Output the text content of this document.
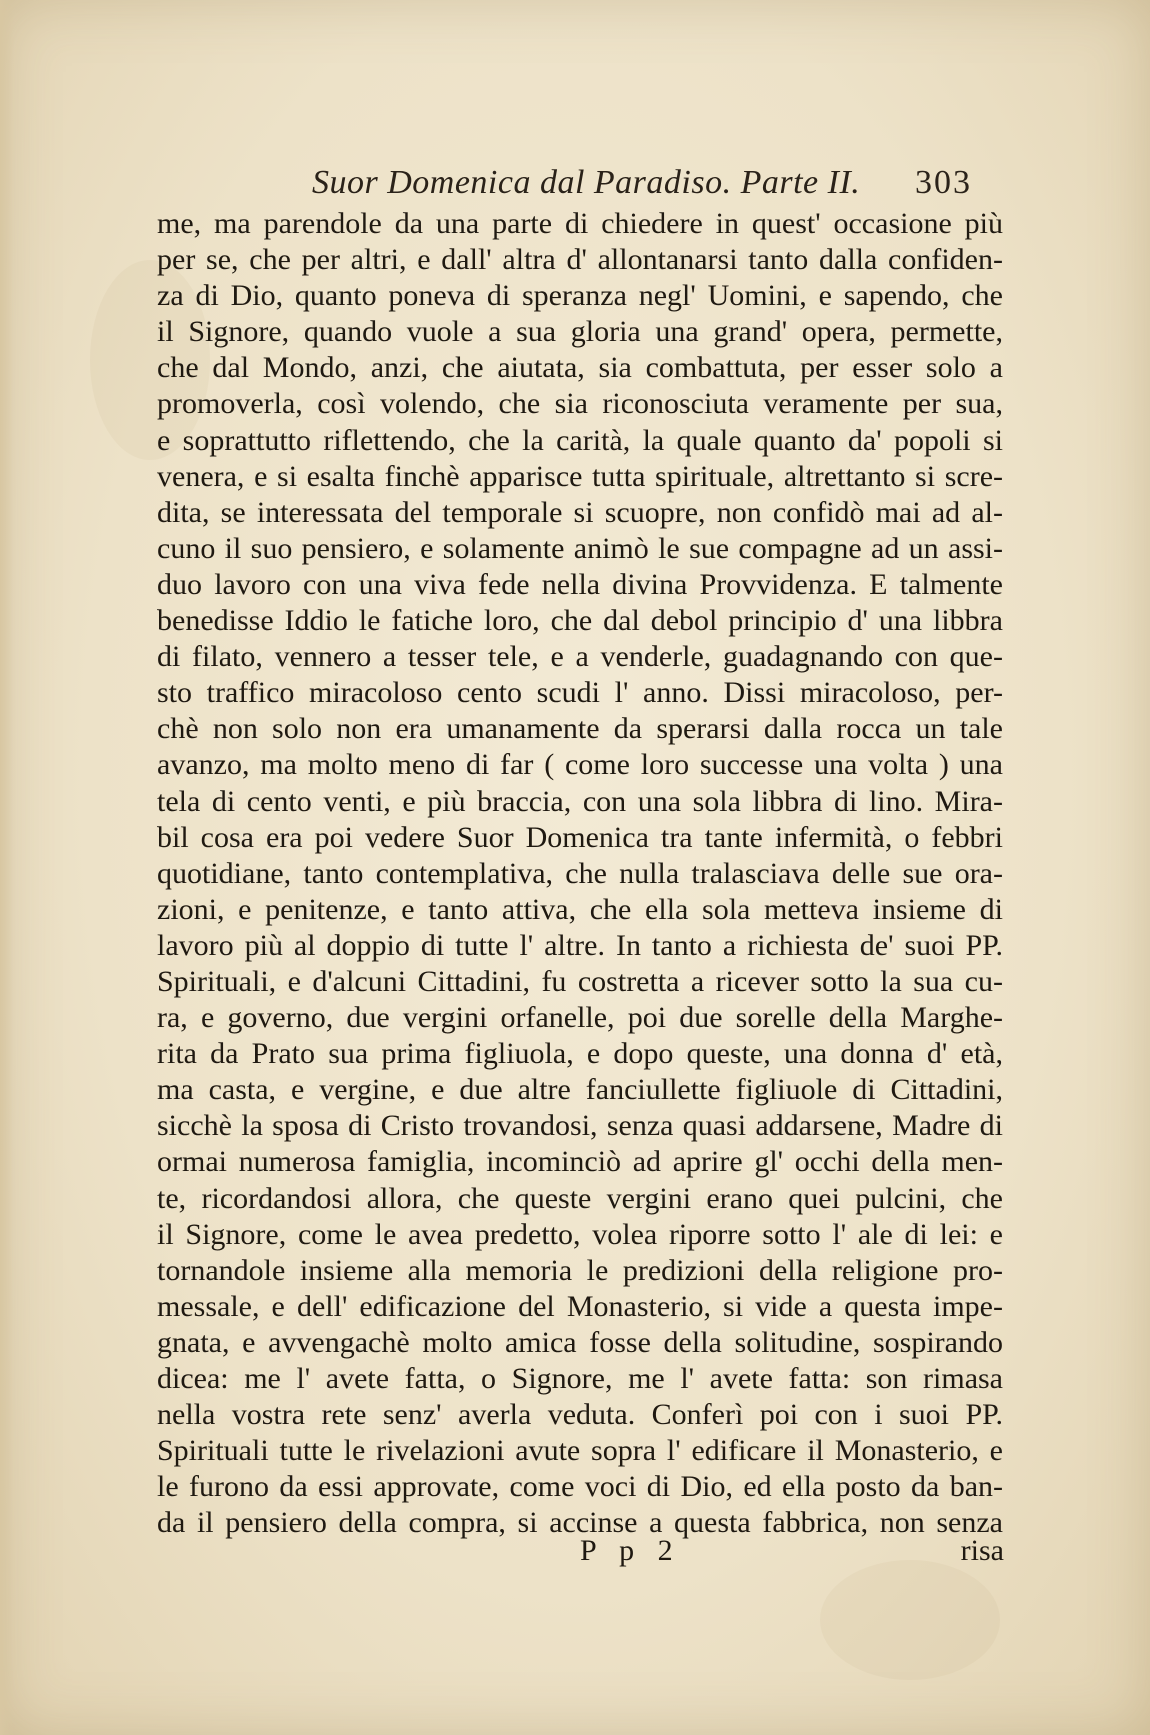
Suor Domenica dal Paradiso. Parte II. 303
me, ma parendole da una parte di chiedere in quest' occasione più
per se, che per altri, e dall' altra d' allontanarsi tanto dalla confiden-
za di Dio, quanto poneva di speranza negl' Uomini, e sapendo, che
il Signore, quando vuole a sua gloria una grand' opera, permette,
che dal Mondo, anzi, che aiutata, sia combattuta, per esser solo a
promoverla, così volendo, che sia riconosciuta veramente per sua,
e soprattutto riflettendo, che la carità, la quale quanto da' popoli si
venera, e si esalta finchè apparisce tutta spirituale, altrettanto si scre-
dita, se interessata del temporale si scuopre, non confidò mai ad al-
cuno il suo pensiero, e solamente animò le sue compagne ad un assi-
duo lavoro con una viva fede nella divina Provvidenza. E talmente
benedisse Iddio le fatiche loro, che dal debol principio d' una libbra
di filato, vennero a tesser tele, e a venderle, guadagnando con que-
sto traffico miracoloso cento scudi l' anno. Dissi miracoloso, per-
chè non solo non era umanamente da sperarsi dalla rocca un tale
avanzo, ma molto meno di far ( come loro successe una volta ) una
tela di cento venti, e più braccia, con una sola libbra di lino. Mira-
bil cosa era poi vedere Suor Domenica tra tante infermità, o febbri
quotidiane, tanto contemplativa, che nulla tralasciava delle sue ora-
zioni, e penitenze, e tanto attiva, che ella sola metteva insieme di
lavoro più al doppio di tutte l' altre. In tanto a richiesta de' suoi PP.
Spirituali, e d'alcuni Cittadini, fu costretta a ricever sotto la sua cu-
ra, e governo, due vergini orfanelle, poi due sorelle della Marghe-
rita da Prato sua prima figliuola, e dopo queste, una donna d' età,
ma casta, e vergine, e due altre fanciullette figliuole di Cittadini,
sicchè la sposa di Cristo trovandosi, senza quasi addarsene, Madre di
ormai numerosa famiglia, incominciò ad aprire gl' occhi della men-
te, ricordandosi allora, che queste vergini erano quei pulcini, che
il Signore, come le avea predetto, volea riporre sotto l' ale di lei: e
tornandole insieme alla memoria le predizioni della religione pro-
messale, e dell' edificazione del Monasterio, si vide a questa impe-
gnata, e avvengachè molto amica fosse della solitudine, sospirando
dicea: me l' avete fatta, o Signore, me l' avete fatta: son rimasa
nella vostra rete senz' averla veduta. Conferì poi con i suoi PP.
Spirituali tutte le rivelazioni avute sopra l' edificare il Monasterio, e
le furono da essi approvate, come voci di Dio, ed ella posto da ban-
da il pensiero della compra, si accinse a questa fabbrica, non senza
P p 2	risa
